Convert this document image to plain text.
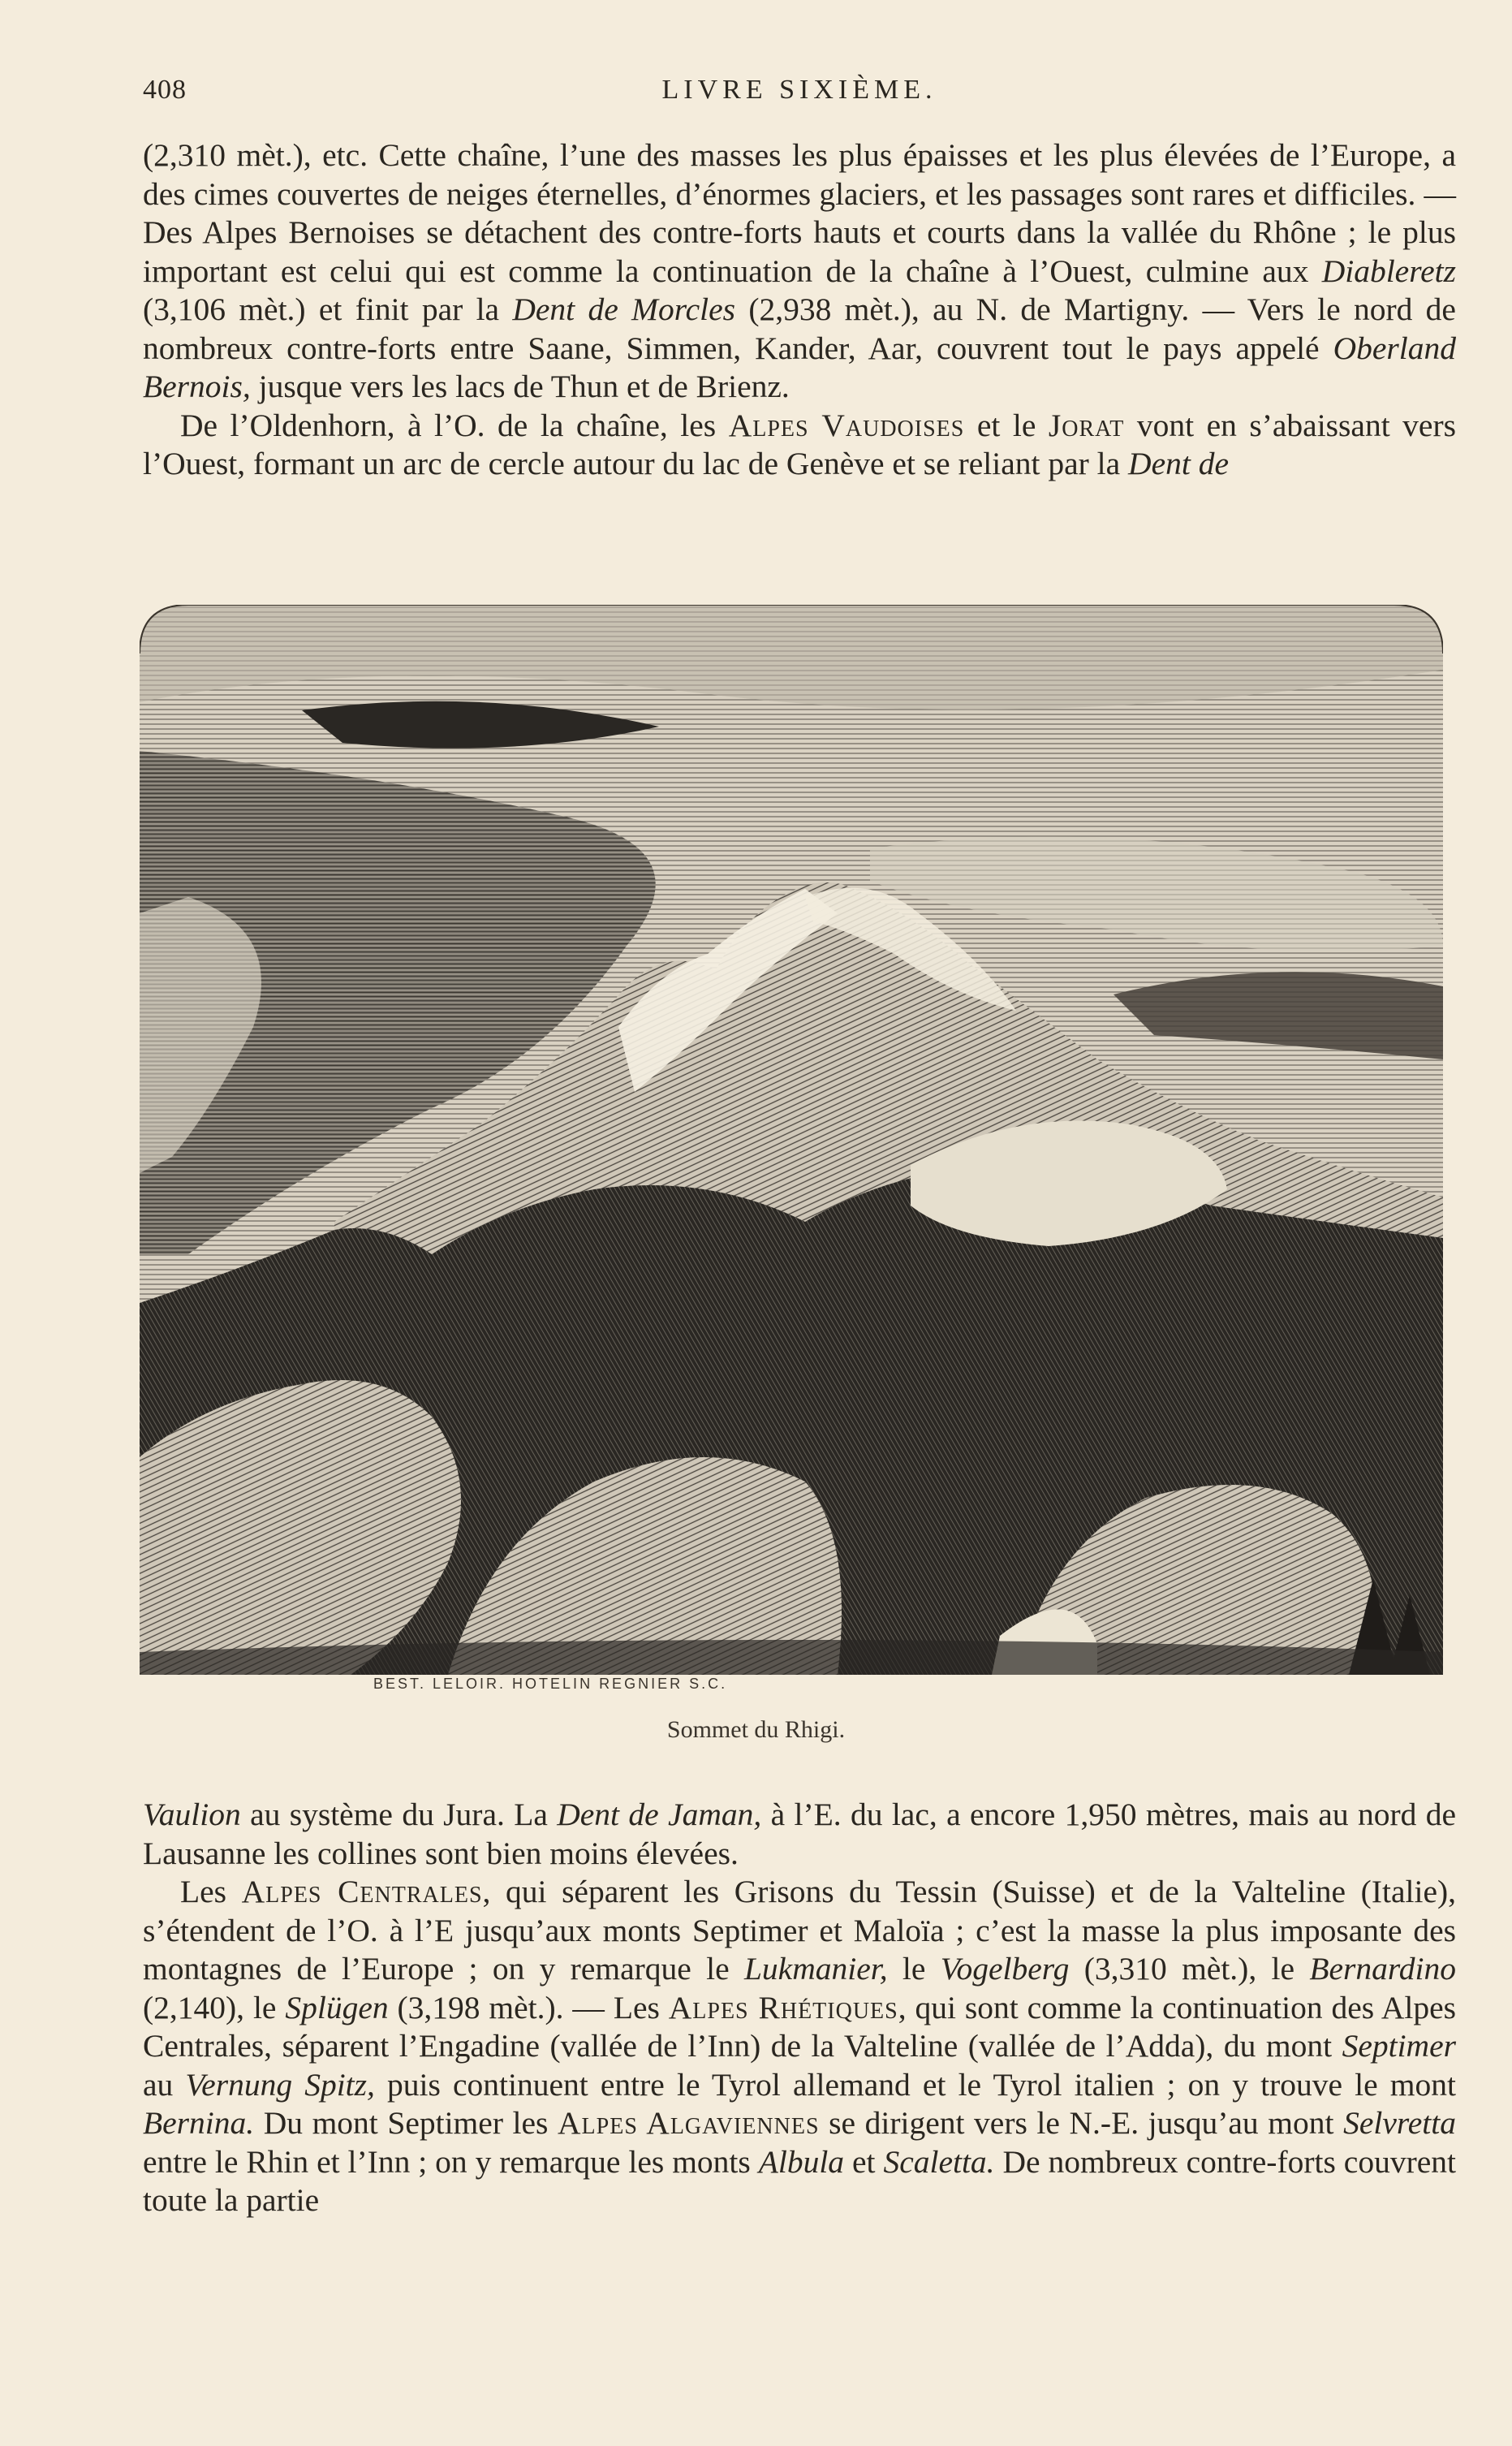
408	LIVRE SIXIÈME.

(2,310 mèt.), etc. Cette chaîne, l’une des masses les plus épaisses et les plus élevées de l’Europe, a des cimes couvertes de neiges éternelles, d’énormes glaciers, et les passages sont rares et difficiles. — Des Alpes Bernoises se détachent des contre-forts hauts et courts dans la vallée du Rhône ; le plus important est celui qui est comme la continuation de la chaîne à l’Ouest, culmine aux Diableretz (3,106 mèt.) et finit par la Dent de Morcles (2,938 mèt.), au N. de Martigny. — Vers le nord de nombreux contre-forts entre Saane, Simmen, Kander, Aar, couvrent tout le pays appelé Oberland Bernois, jusque vers les lacs de Thun et de Brienz.

De l’Oldenhorn, à l’O. de la chaîne, les Alpes Vaudoises et le Jorat vont en s’abaissant vers l’Ouest, formant un arc de cercle autour du lac de Genève et se reliant par la Dent de

BEST. LELOIR. HOTELIN REGNIER S.C.
Sommet du Rhigi.

Vaulion au système du Jura. La Dent de Jaman, à l’E. du lac, a encore 1,950 mètres, mais au nord de Lausanne les collines sont bien moins élevées.

Les Alpes Centrales, qui séparent les Grisons du Tessin (Suisse) et de la Valteline (Italie), s’étendent de l’O. à l’E jusqu’aux monts Septimer et Maloïa ; c’est la masse la plus imposante des montagnes de l’Europe ; on y remarque le Lukmanier, le Vogelberg (3,310 mèt.), le Bernardino (2,140), le Splügen (3,198 mèt.). — Les Alpes Rhétiques, qui sont comme la continuation des Alpes Centrales, séparent l’Engadine (vallée de l’Inn) de la Valteline (vallée de l’Adda), du mont Septimer au Vernung Spitz, puis continuent entre le Tyrol allemand et le Tyrol italien ; on y trouve le mont Bernina. Du mont Septimer les Alpes Algaviennes se dirigent vers le N.-E. jusqu’au mont Selvretta entre le Rhin et l’Inn ; on y remarque les monts Albula et Scaletta. De nombreux contre-forts couvrent toute la partie
